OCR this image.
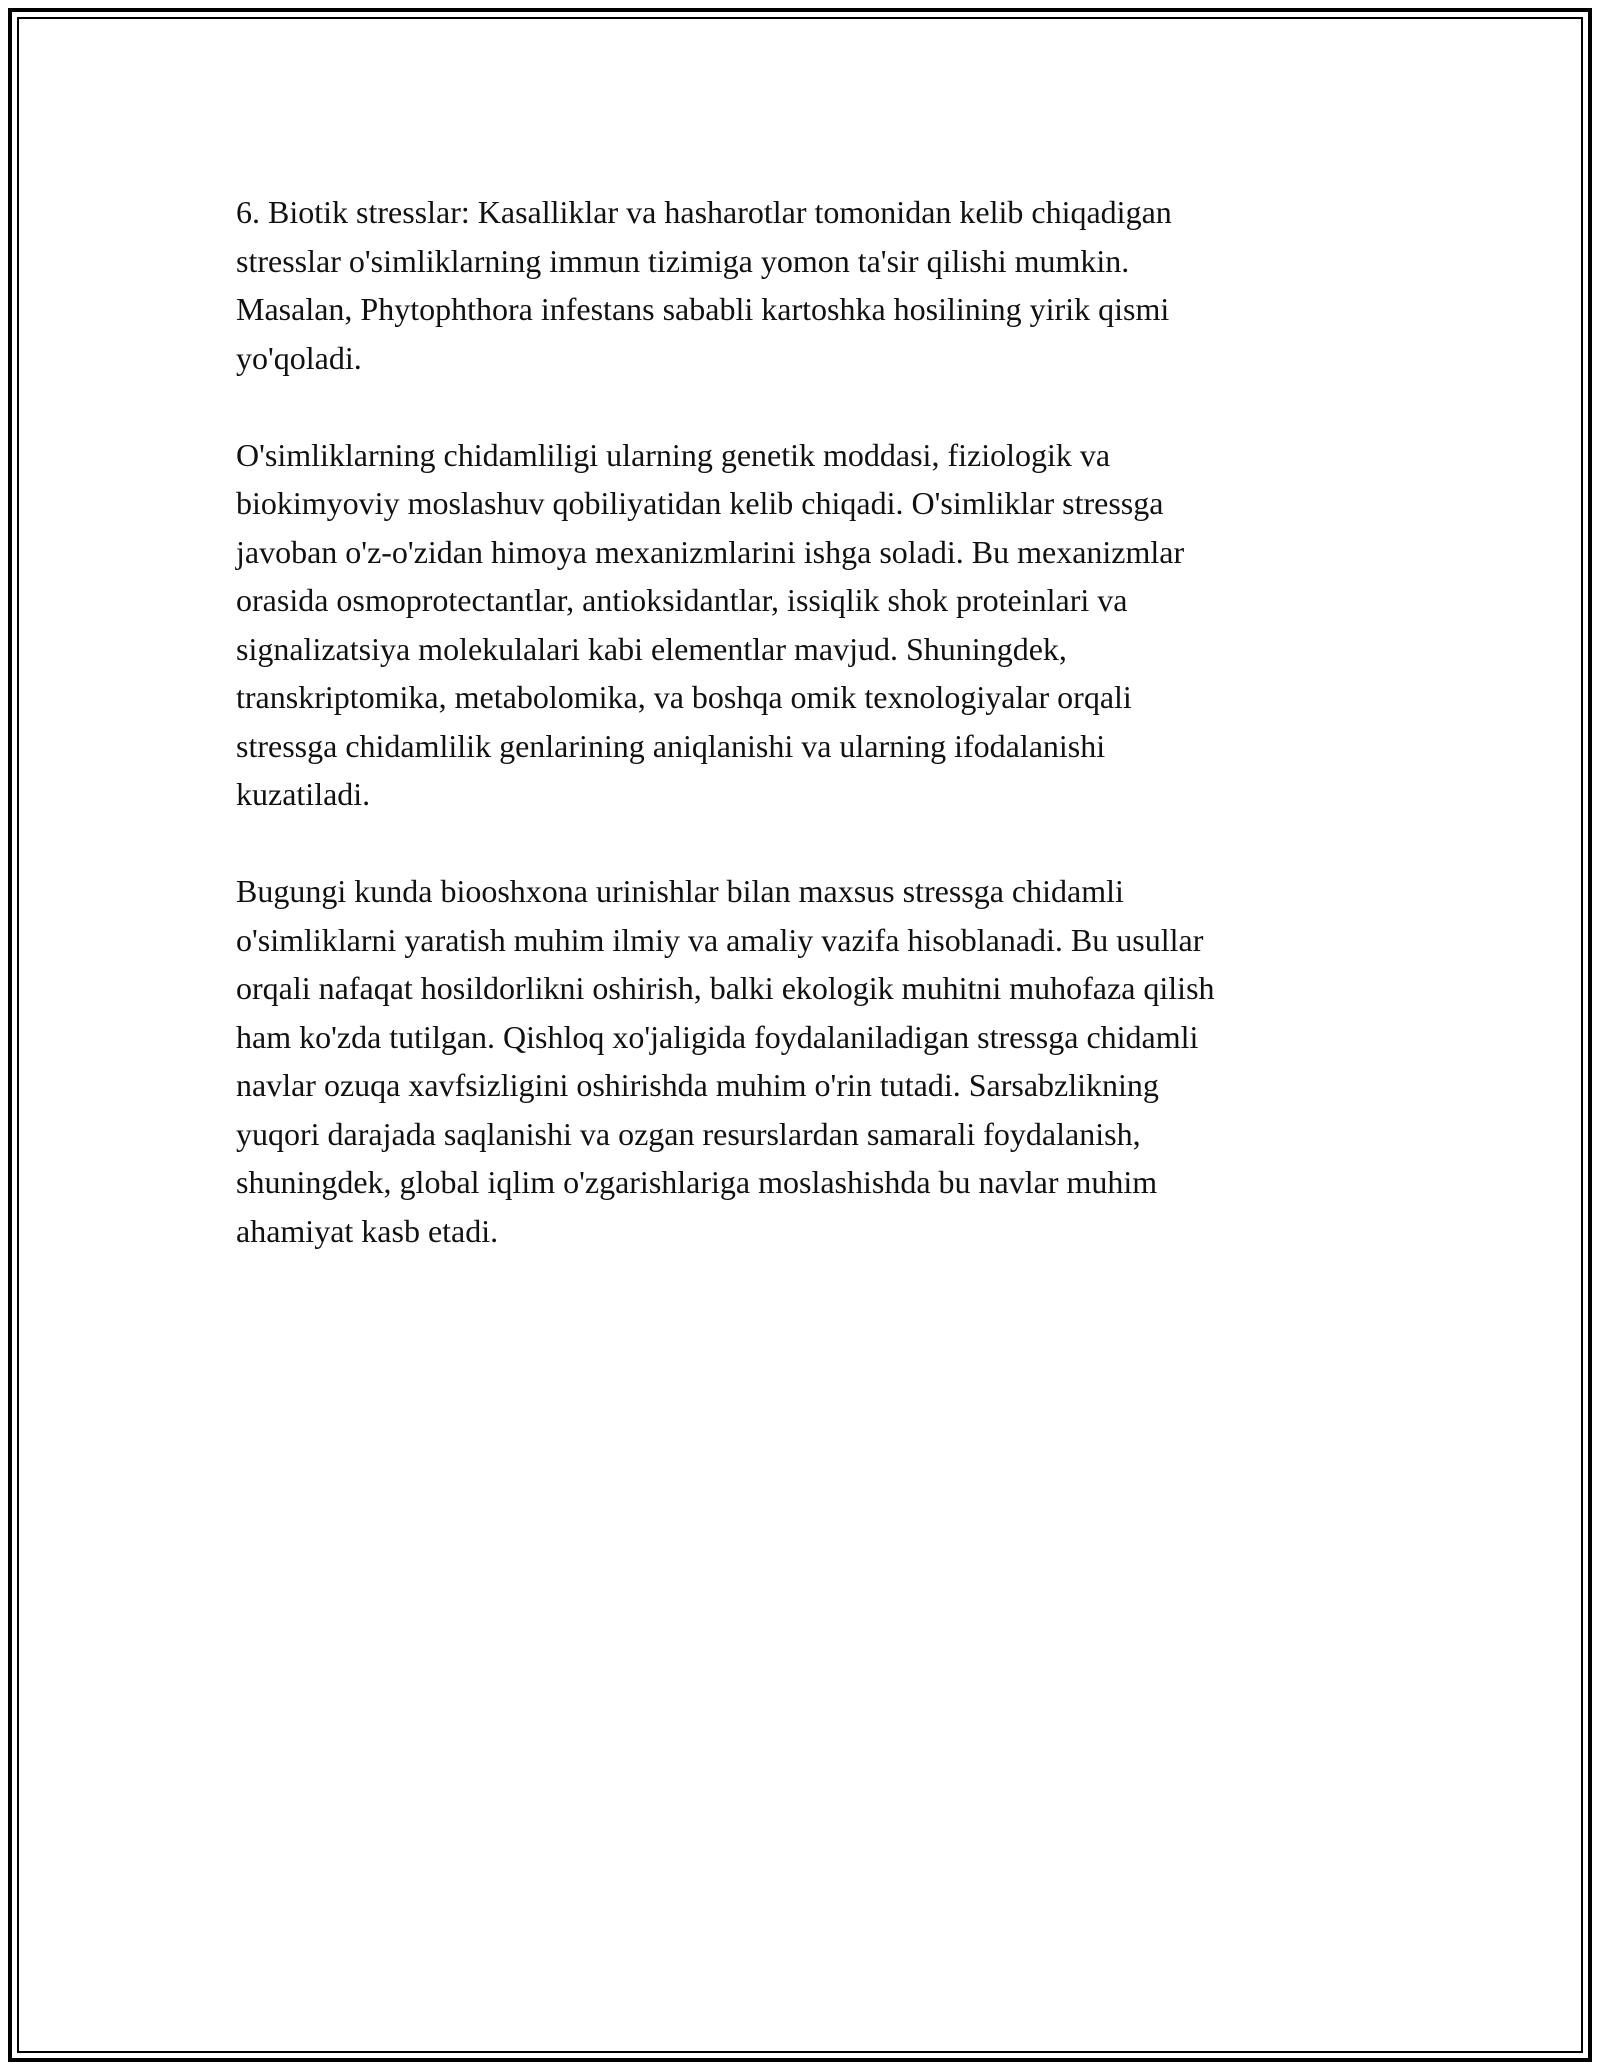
6. Biotik stresslar: Kasalliklar va hasharotlar tomonidan kelib chiqadigan
stresslar o'simliklarning immun tizimiga yomon ta'sir qilishi mumkin.
Masalan, Phytophthora infestans sababli kartoshka hosilining yirik qismi
yo'qoladi.

O'simliklarning chidamliligi ularning genetik moddasi, fiziologik va
biokimyoviy moslashuv qobiliyatidan kelib chiqadi. O'simliklar stressga
javoban o'z-o'zidan himoya mexanizmlarini ishga soladi. Bu mexanizmlar
orasida osmoprotectantlar, antioksidantlar, issiqlik shok proteinlari va
signalizatsiya molekulalari kabi elementlar mavjud. Shuningdek,
transkriptomika, metabolomika, va boshqa omik texnologiyalar orqali
stressga chidamlilik genlarining aniqlanishi va ularning ifodalanishi
kuzatiladi.

Bugungi kunda biooshxona urinishlar bilan maxsus stressga chidamli
o'simliklarni yaratish muhim ilmiy va amaliy vazifa hisoblanadi. Bu usullar
orqali nafaqat hosildorlikni oshirish, balki ekologik muhitni muhofaza qilish
ham ko'zda tutilgan. Qishloq xo'jaligida foydalaniladigan stressga chidamli
navlar ozuqa xavfsizligini oshirishda muhim o'rin tutadi. Sarsabzlikning
yuqori darajada saqlanishi va ozgan resurslardan samarali foydalanish,
shuningdek, global iqlim o'zgarishlariga moslashishda bu navlar muhim
ahamiyat kasb etadi.
